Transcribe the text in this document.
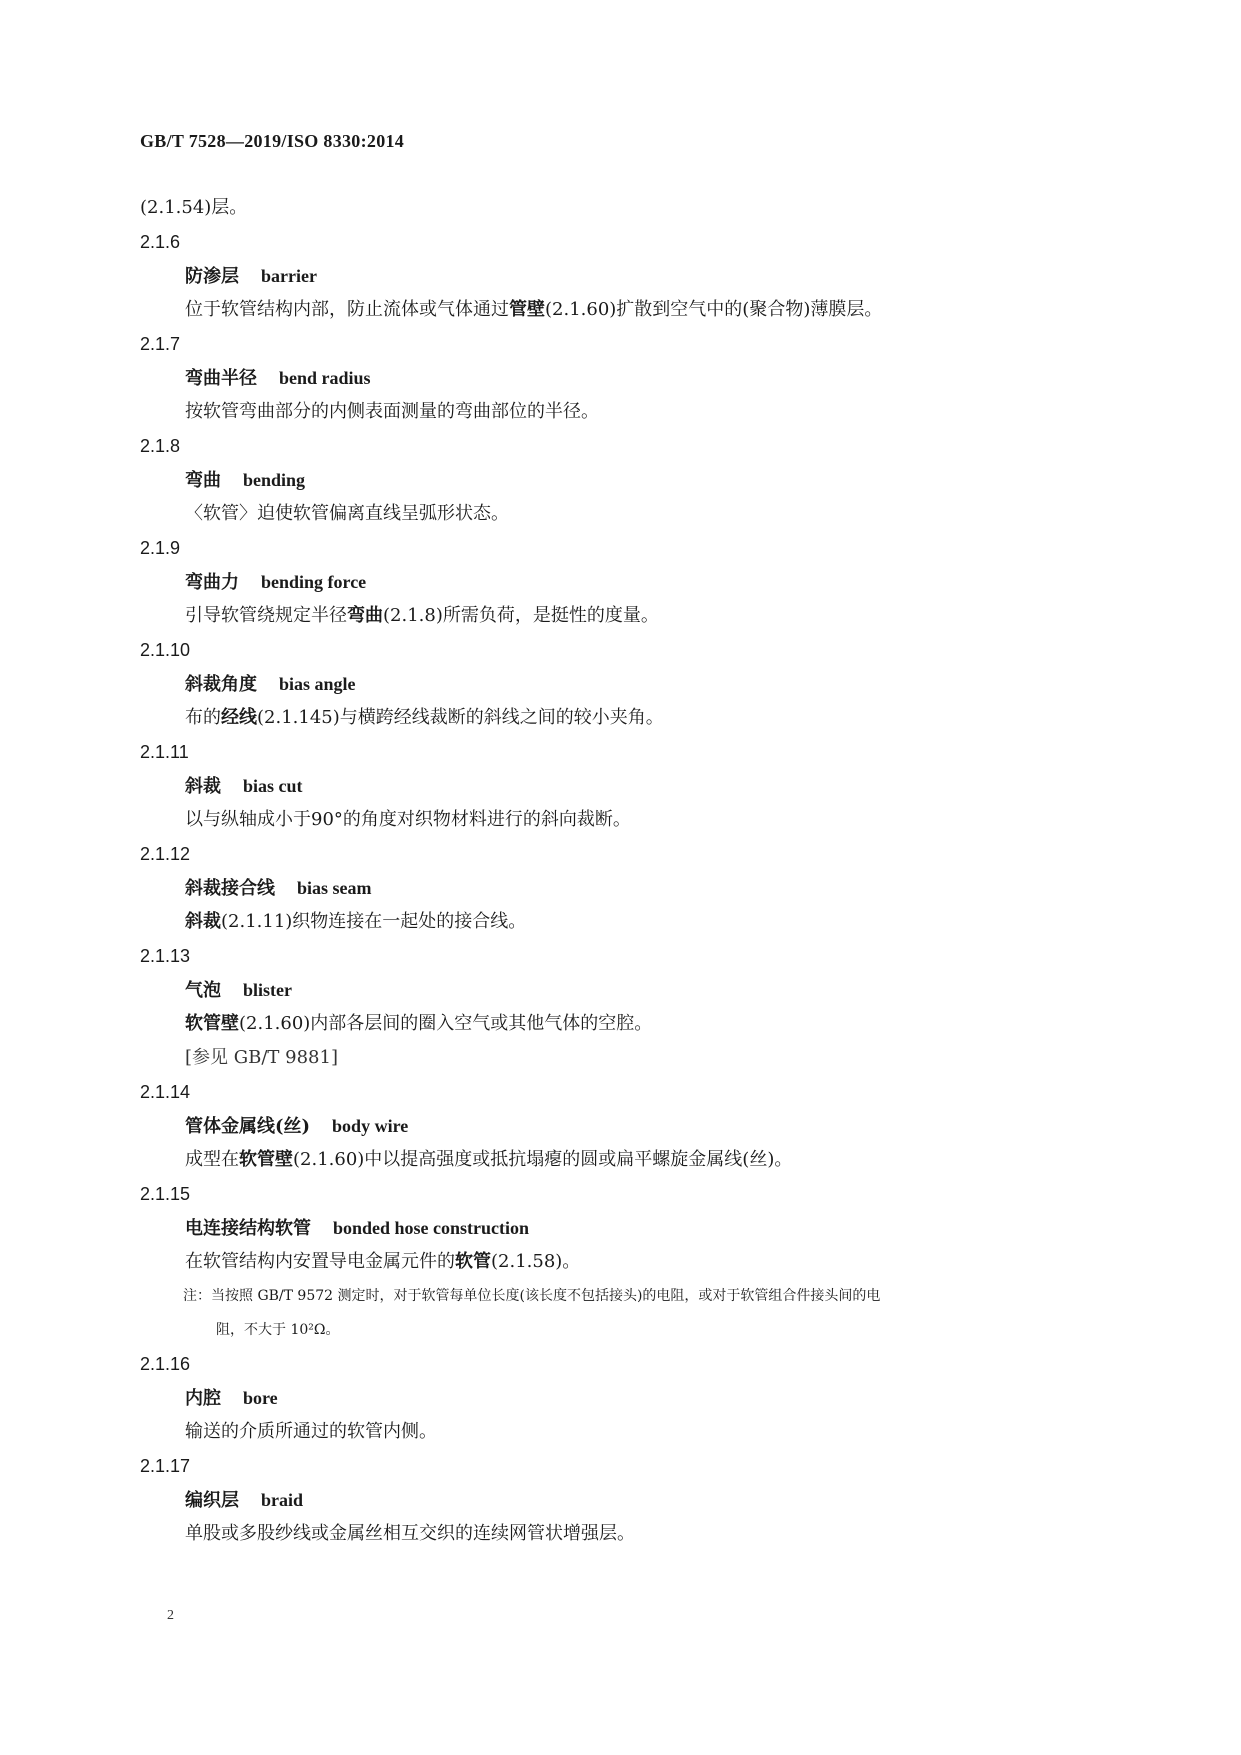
GB/T 7528—2019/ISO 8330:2014
(2.1.54)层。
2.1.6
防渗层 barrier
位于软管结构内部，防止流体或气体通过管壁(2.1.60)扩散到空气中的(聚合物)薄膜层。
2.1.7
弯曲半径 bend radius
按软管弯曲部分的内侧表面测量的弯曲部位的半径。
2.1.8
弯曲 bending
〈软管〉迫使软管偏离直线呈弧形状态。
2.1.9
弯曲力 bending force
引导软管绕规定半径弯曲(2.1.8)所需负荷，是挺性的度量。
2.1.10
斜裁角度 bias angle
布的经线(2.1.145)与横跨经线裁断的斜线之间的较小夹角。
2.1.11
斜裁 bias cut
以与纵轴成小于90°的角度对织物材料进行的斜向裁断。
2.1.12
斜裁接合线 bias seam
斜裁(2.1.11)织物连接在一起处的接合线。
2.1.13
气泡 blister
软管壁(2.1.60)内部各层间的圈入空气或其他气体的空腔。
[参见 GB/T 9881]
2.1.14
管体金属线(丝) body wire
成型在软管壁(2.1.60)中以提高强度或抵抗塌瘪的圆或扁平螺旋金属线(丝)。
2.1.15
电连接结构软管 bonded hose construction
在软管结构内安置导电金属元件的软管(2.1.58)。
注：当按照 GB/T 9572 测定时，对于软管每单位长度(该长度不包括接头)的电阻，或对于软管组合件接头间的电
阻，不大于 10²Ω。
2.1.16
内腔 bore
输送的介质所通过的软管内侧。
2.1.17
编织层 braid
单股或多股纱线或金属丝相互交织的连续网管状增强层。
2
